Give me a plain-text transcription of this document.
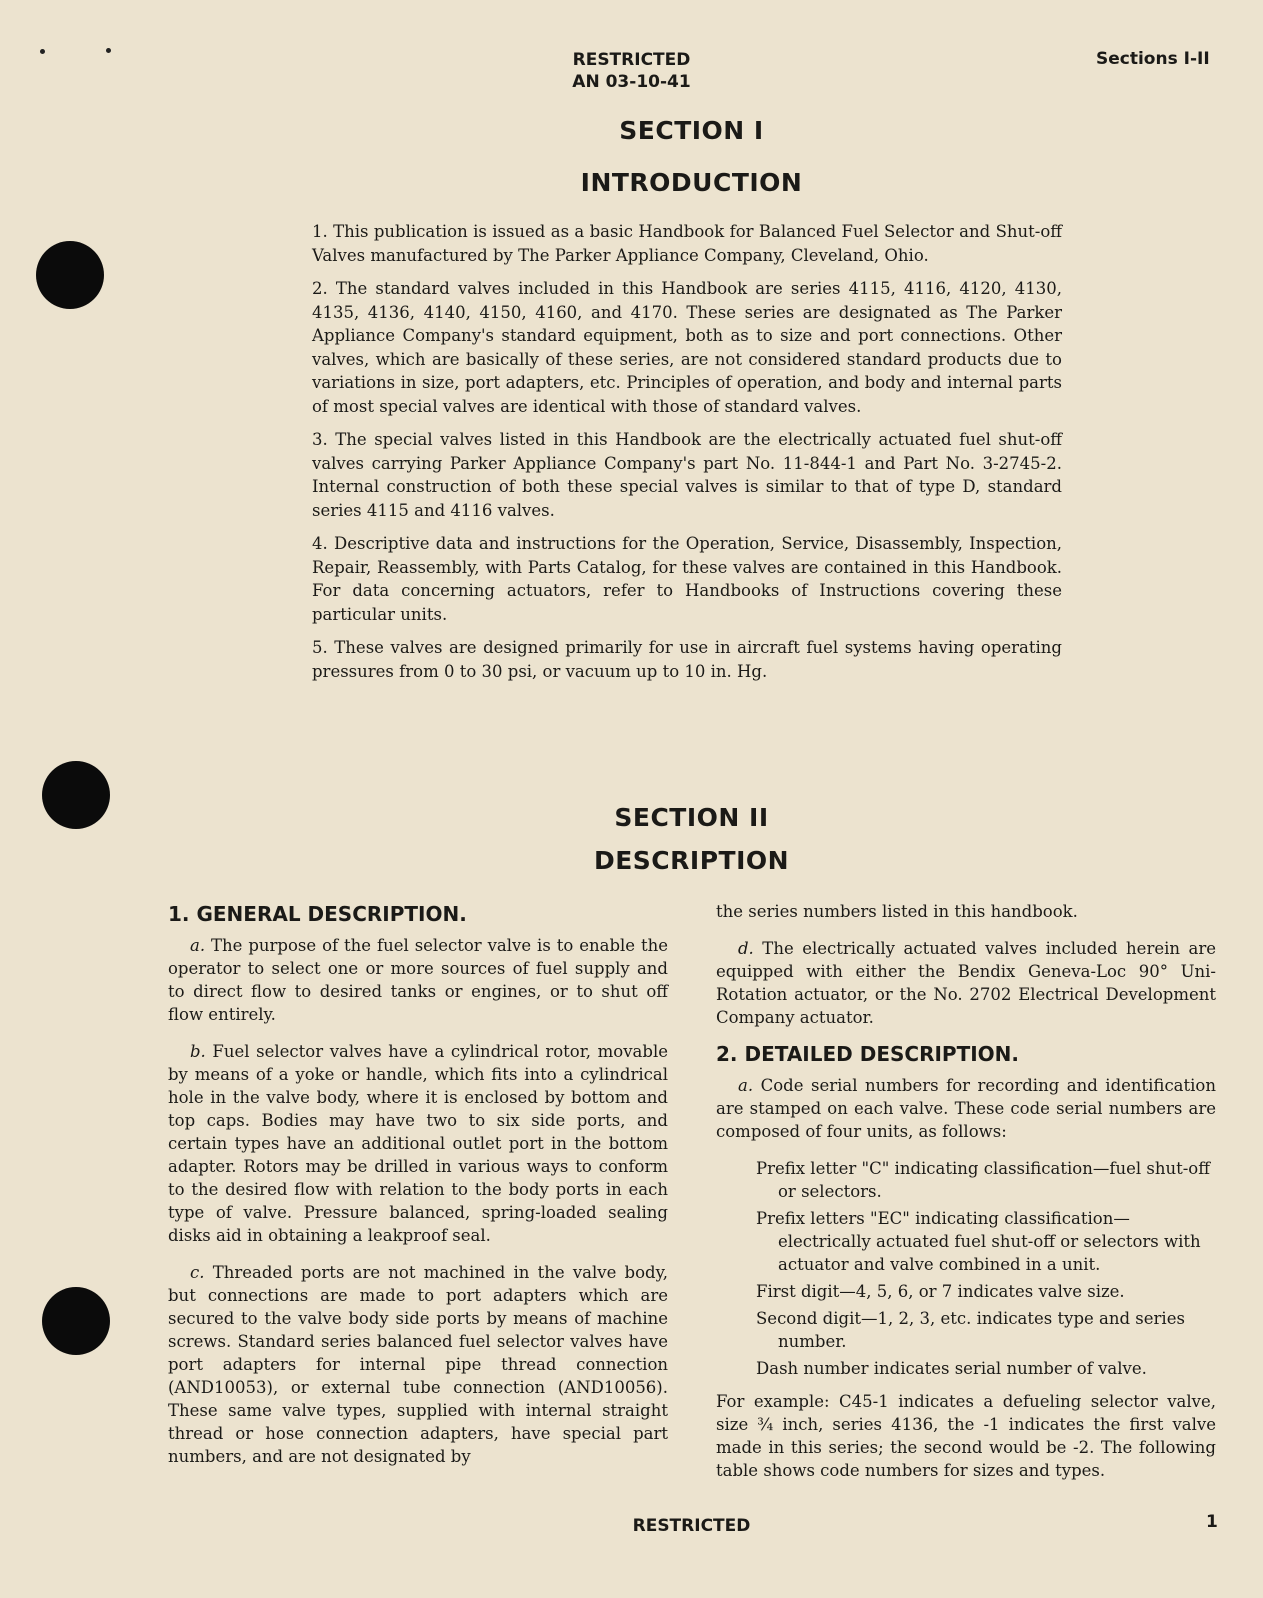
RESTRICTED
AN 03-10-41
Sections I-II
SECTION I
INTRODUCTION

1. This publication is issued as a basic Handbook for Balanced Fuel Selector and Shut-off Valves manufactured by The Parker Appliance Company, Cleveland, Ohio.

2. The standard valves included in this Handbook are series 4115, 4116, 4120, 4130, 4135, 4136, 4140, 4150, 4160, and 4170. These series are designated as The Parker Appliance Company's standard equipment, both as to size and port connections. Other valves, which are basically of these series, are not considered standard products due to variations in size, port adapters, etc. Principles of operation, and body and internal parts of most special valves are identical with those of standard valves.

3. The special valves listed in this Handbook are the electrically actuated fuel shut-off valves carrying Parker Appliance Company's part No. 11-844-1 and Part No. 3-2745-2. Internal construction of both these special valves is similar to that of type D, standard series 4115 and 4116 valves.

4. Descriptive data and instructions for the Operation, Service, Disassembly, Inspection, Repair, Reassembly, with Parts Catalog, for these valves are contained in this Handbook. For data concerning actuators, refer to Handbooks of Instructions covering these particular units.

5. These valves are designed primarily for use in aircraft fuel systems having operating pressures from 0 to 30 psi, or vacuum up to 10 in. Hg.

SECTION II
DESCRIPTION
1. GENERAL DESCRIPTION.

a. The purpose of the fuel selector valve is to enable the operator to select one or more sources of fuel supply and to direct flow to desired tanks or engines, or to shut off flow entirely.

b. Fuel selector valves have a cylindrical rotor, movable by means of a yoke or handle, which fits into a cylindrical hole in the valve body, where it is enclosed by bottom and top caps. Bodies may have two to six side ports, and certain types have an additional outlet port in the bottom adapter. Rotors may be drilled in various ways to conform to the desired flow with relation to the body ports in each type of valve. Pressure balanced, spring-loaded sealing disks aid in obtaining a leakproof seal.

c. Threaded ports are not machined in the valve body, but connections are made to port adapters which are secured to the valve body side ports by means of machine screws. Standard series balanced fuel selector valves have port adapters for internal pipe thread connection (AND10053), or external tube connection (AND10056). These same valve types, supplied with internal straight thread or hose connection adapters, have special part numbers, and are not designated by

the series numbers listed in this handbook.

d. The electrically actuated valves included herein are equipped with either the Bendix Geneva-Loc 90° Uni-Rotation actuator, or the No. 2702 Electrical Development Company actuator.

2. DETAILED DESCRIPTION.

a. Code serial numbers for recording and identification are stamped on each valve. These code serial numbers are composed of four units, as follows:

Prefix letter "C" indicating classification—fuel shut-off or selectors.

Prefix letters "EC" indicating classification—electrically actuated fuel shut-off or selectors with actuator and valve combined in a unit.

First digit—4, 5, 6, or 7 indicates valve size.

Second digit—1, 2, 3, etc. indicates type and series number.

Dash number indicates serial number of valve.

For example: C45-1 indicates a defueling selector valve, size ¾ inch, series 4136, the -1 indicates the first valve made in this series; the second would be -2. The following table shows code numbers for sizes and types.

RESTRICTED	1
